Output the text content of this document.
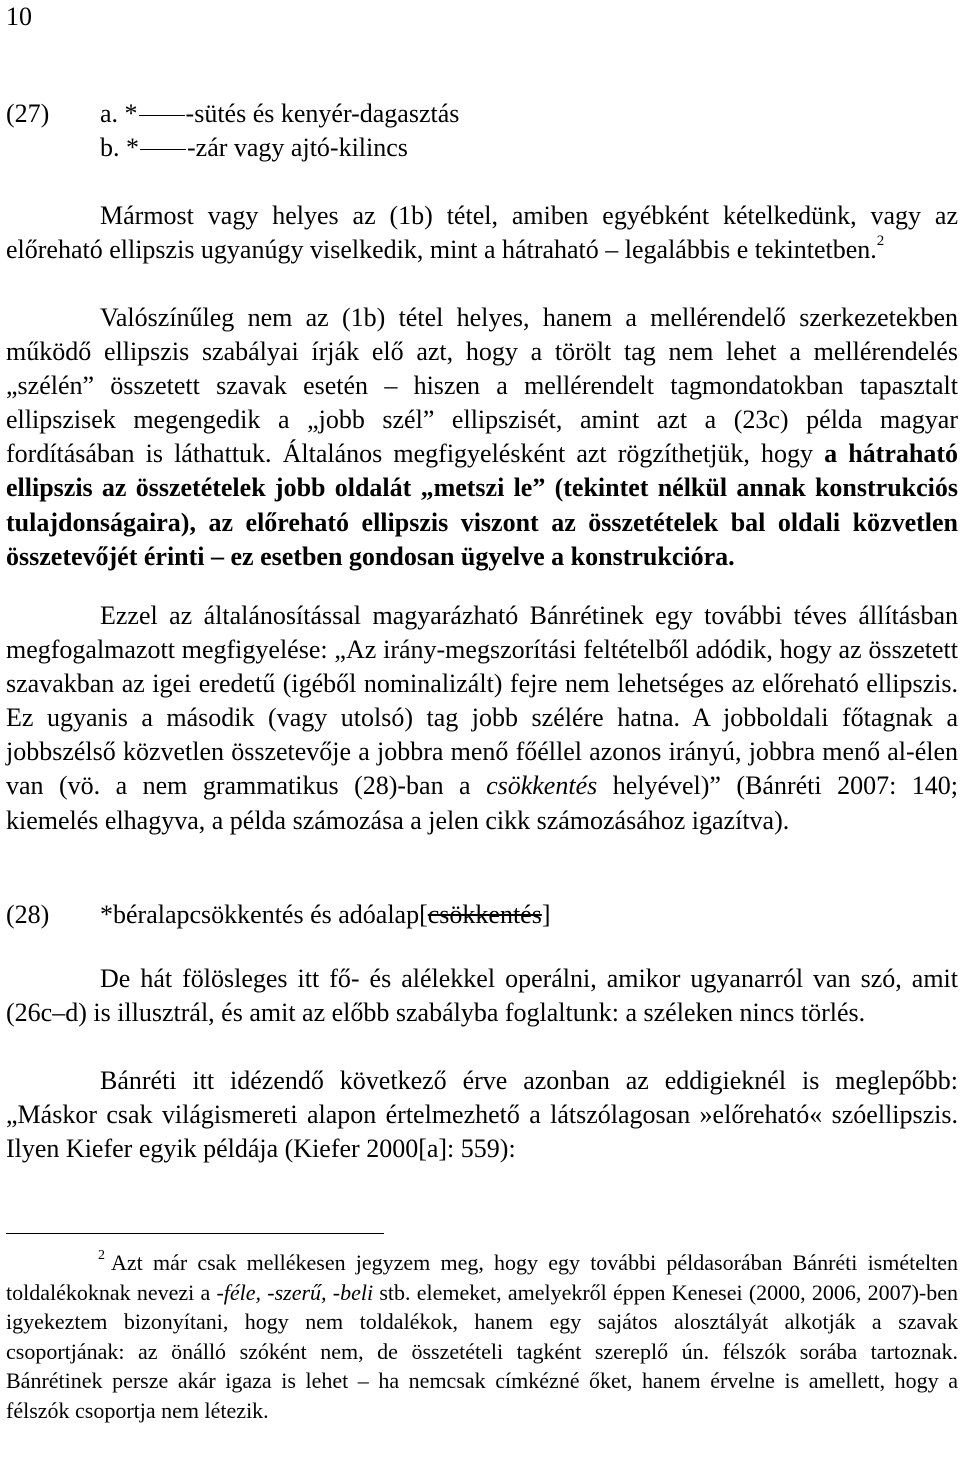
10
(27) a. * -sütés és kenyér-dagasztás
b. * -zár vagy ajtó-kilincs

Mármost vagy helyes az (1b) tétel, amiben egyébként kételkedünk, vagy az előreható ellipszis ugyanúgy viselkedik, mint a hátraható – legalábbis e tekintetben.$^2$

Valószínűleg nem az (1b) tétel helyes, hanem a mellérendelő szerkezetekben működő ellipszis szabályai írják elő azt, hogy a törölt tag nem lehet a mellérendelés „szélén” összetett szavak esetén – hiszen a mellérendelt tagmondatokban tapasztalt ellipszisek megengedik a „jobb szél” ellipszisét, amint azt a (23c) példa magyar fordításában is láthattuk. Általános megfigyelésként azt rögzíthetjük, hogy a hátraható ellipszis az összetételek jobb oldalát „metszi le” (tekintet nélkül annak konstrukciós tulajdonságaira), az előreható ellipszis viszont az összetételek bal oldali közvetlen összetevőjét érinti – ez esetben gondosan ügyelve a konstrukcióra.

Ezzel az általánosítással magyarázható Bánrétinek egy további téves állításban megfogalmazott megfigyelése: „Az irány-megszorítási feltételből adódik, hogy az összetett szavakban az igei eredetű (igéből nominalizált) fejre nem lehetséges az előreható ellipszis. Ez ugyanis a második (vagy utolsó) tag jobb szélére hatna. A jobboldali főtagnak a jobbszélső közvetlen összetevője a jobbra menő főéllel azonos irányú, jobbra menő al-élen van (vö. a nem grammatikus (28)-ban a csökkentés helyével)” (Bánréti 2007: 140; kiemelés elhagyva, a példa számozása a jelen cikk számozásához igazítva).

(28) *béralapcsökkentés és adóalap[csökkentés]

De hát fölösleges itt fő- és alélekkel operálni, amikor ugyanarról van szó, amit (26c–d) is illusztrál, és amit az előbb szabályba foglaltunk: a széleken nincs törlés.

Bánréti itt idézendő következő érve azonban az eddigieknél is meglepőbb: „Máskor csak világismereti alapon értelmezhető a látszólagosan »előreható« szóellipszis. Ilyen Kiefer egyik példája (Kiefer 2000[a]: 559):

$^2$ Azt már csak mellékesen jegyzem meg, hogy egy további példasorában Bánréti ismételten toldalékoknak nevezi a -féle, -szerű, -beli stb. elemeket, amelyekről éppen Kenesei (2000, 2006, 2007)-ben igyekeztem bizonyítani, hogy nem toldalékok, hanem egy sajátos alosztályát alkotják a szavak csoportjának: az önálló szóként nem, de összetételi tagként szereplő ún. félszók sorába tartoznak. Bánrétinek persze akár igaza is lehet – ha nemcsak címkézné őket, hanem érvelne is amellett, hogy a félszók csoportja nem létezik.
